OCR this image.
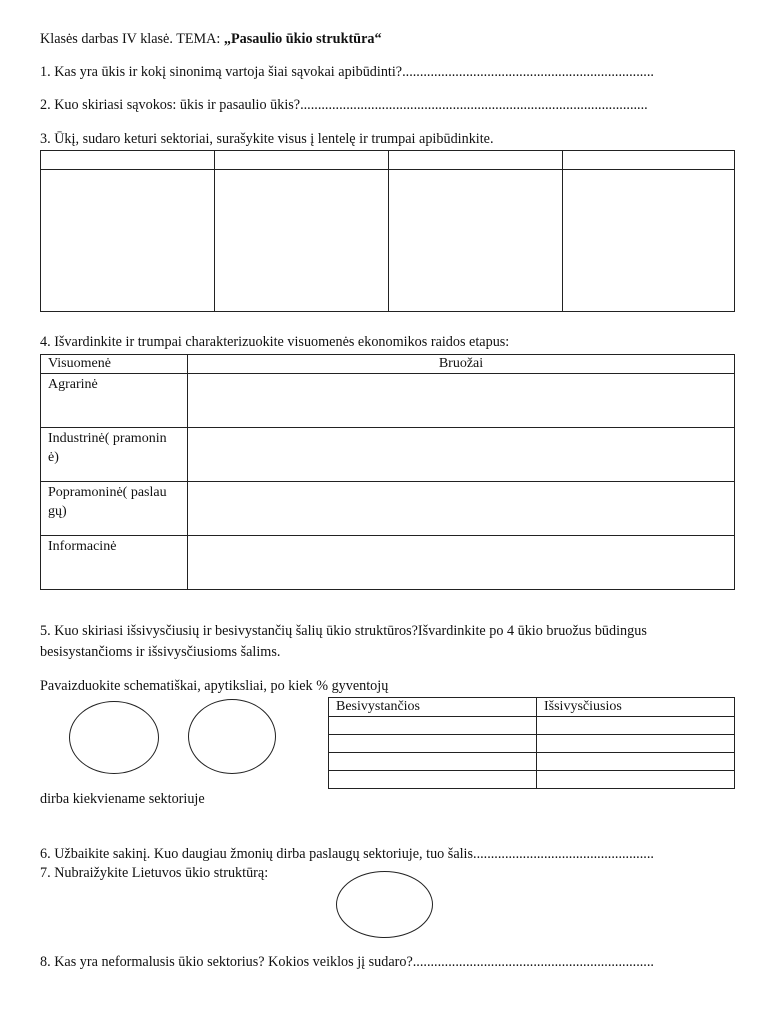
Klasės darbas IV klasė. TEMA: „Pasaulio ūkio struktūra“
1. Kas yra ūkis ir kokį sinonimą vartoja šiai sąvokai apibūdinti?.......................................................................
2. Kuo skiriasi sąvokos: ūkis ir pasaulio ūkis?..................................................................................................
3. Ūkį, sudaro keturi sektoriai, surašykite visus į lentelę ir trumpai apibūdinkite.

4. Išvardinkite ir trumpai charakterizuokite visuomenės ekonomikos raidos etapus:
Visuomenė	Bruožai

Agrarinė	

Industrinė( pramonin ė)	

Popramoninė( paslau gų)	

Informacinė	

5. Kuo skiriasi išsivysčiusių ir besivystančių šalių ūkio struktūros?Išvardinkite po 4 ūkio bruožus būdingus
besisystančioms ir išsivysčiusioms šalims.
Pavaizduokite schematiškai, apytiksliai, po kiek % gyventojų
Besivystančios	Išsivysčiusios

dirba kiekviename sektoriuje
6. Užbaikite sakinį. Kuo daugiau žmonių dirba paslaugų sektoriuje, tuo šalis...................................................
7. Nubraižykite Lietuvos ūkio struktūrą:
8. Kas yra neformalusis ūkio sektorius? Kokios veiklos jį sudaro?....................................................................
